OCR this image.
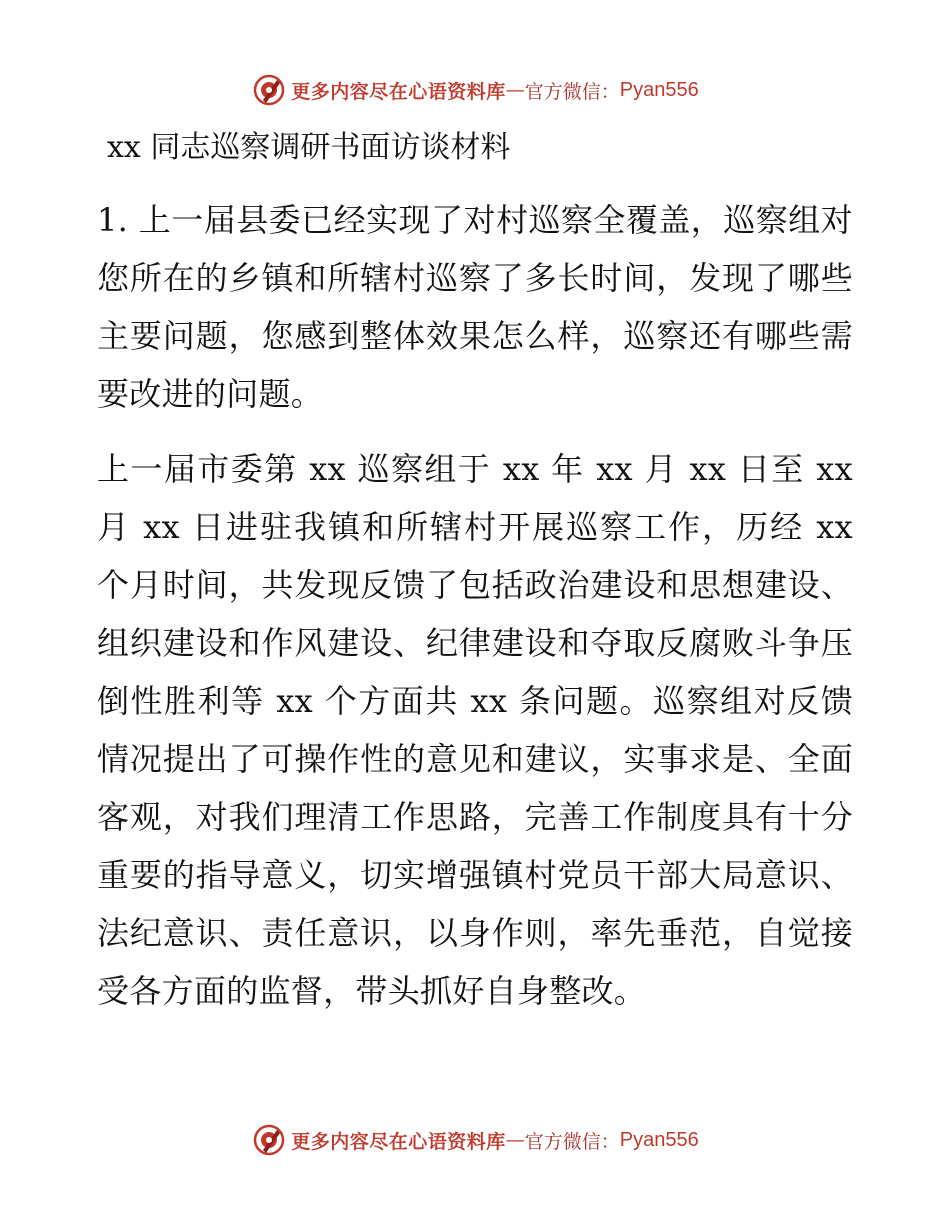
更多内容尽在心语资料库 — 官方微信： Pyan556
xx 同志巡察调研书面访谈材料
1. 上一届县委已经实现了对村巡察全覆盖，巡察组对您所在的乡镇和所辖村巡察了多长时间，发现了哪些主要问题，您感到整体效果怎么样，巡察还有哪些需要改进的问题。
上一届市委第 xx 巡察组于 xx 年 xx 月 xx 日至 xx 月 xx 日进驻我镇和所辖村开展巡察工作，历经 xx 个月时间，共发现反馈了包括政治建设和思想建设、组织建设和作风建设、纪律建设和夺取反腐败斗争压倒性胜利等 xx 个方面共 xx 条问题。巡察组对反馈情况提出了可操作性的意见和建议，实事求是、全面客观，对我们理清工作思路，完善工作制度具有十分重要的指导意义，切实增强镇村党员干部大局意识、法纪意识、责任意识，以身作则，率先垂范，自觉接受各方面的监督，带头抓好自身整改。
更多内容尽在心语资料库 — 官方微信： Pyan556
